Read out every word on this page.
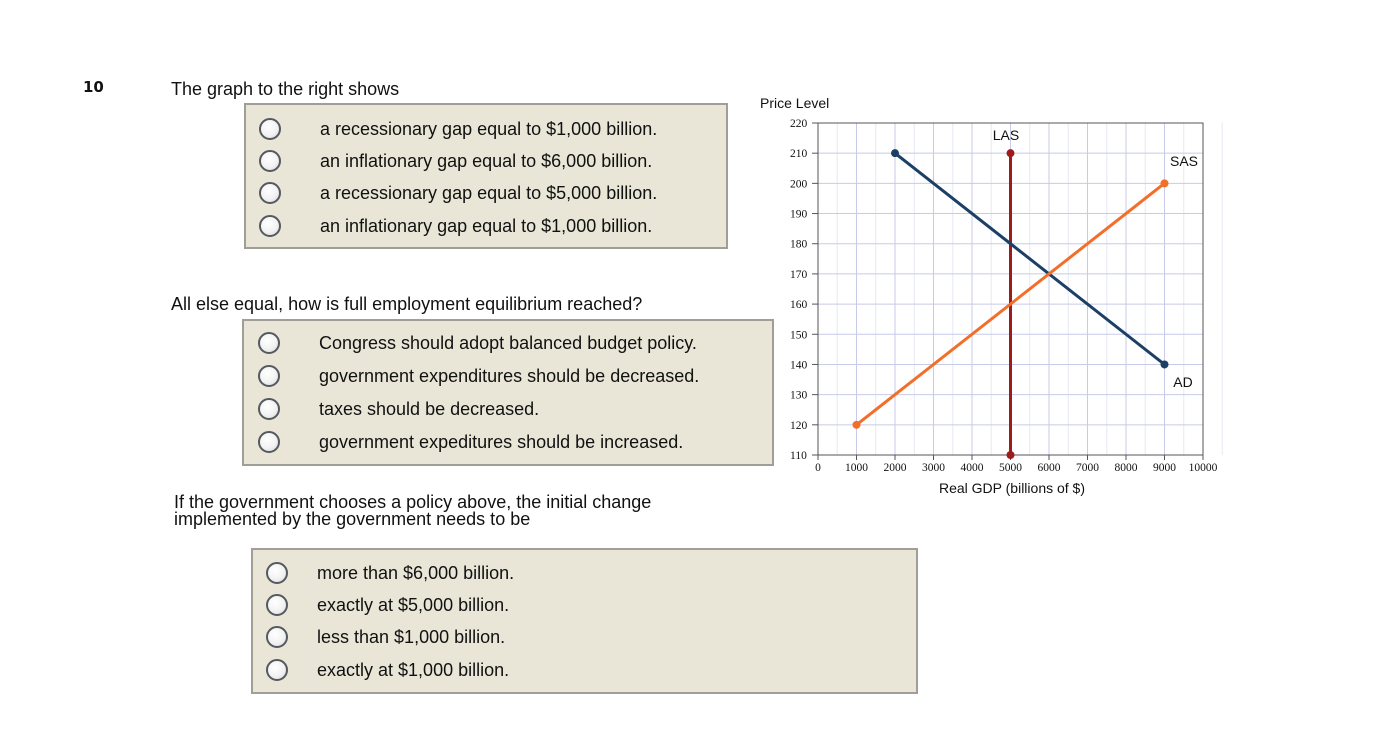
10	The graph to the right shows
a recessionary gap equal to $1,000 billion.
an inflationary gap equal to $6,000 billion.
a recessionary gap equal to $5,000 billion.
an inflationary gap equal to $1,000 billion.
All else equal, how is full employment equilibrium reached?
Congress should adopt balanced budget policy.
government expenditures should be decreased.
taxes should be decreased.
government expeditures should be increased.
If the government chooses a policy above, the initial change
implemented by the government needs to be
more than $6,000 billion.
exactly at $5,000 billion.
less than $1,000 billion.
exactly at $1,000 billion.
110
120
130
140
150
160
170
180
190
200
210
220
0 1000 2000 3000 4000 5000 6000 7000 8000 9000 10000
Price Level
Real GDP (billions of $)
LAS
SAS
AD
